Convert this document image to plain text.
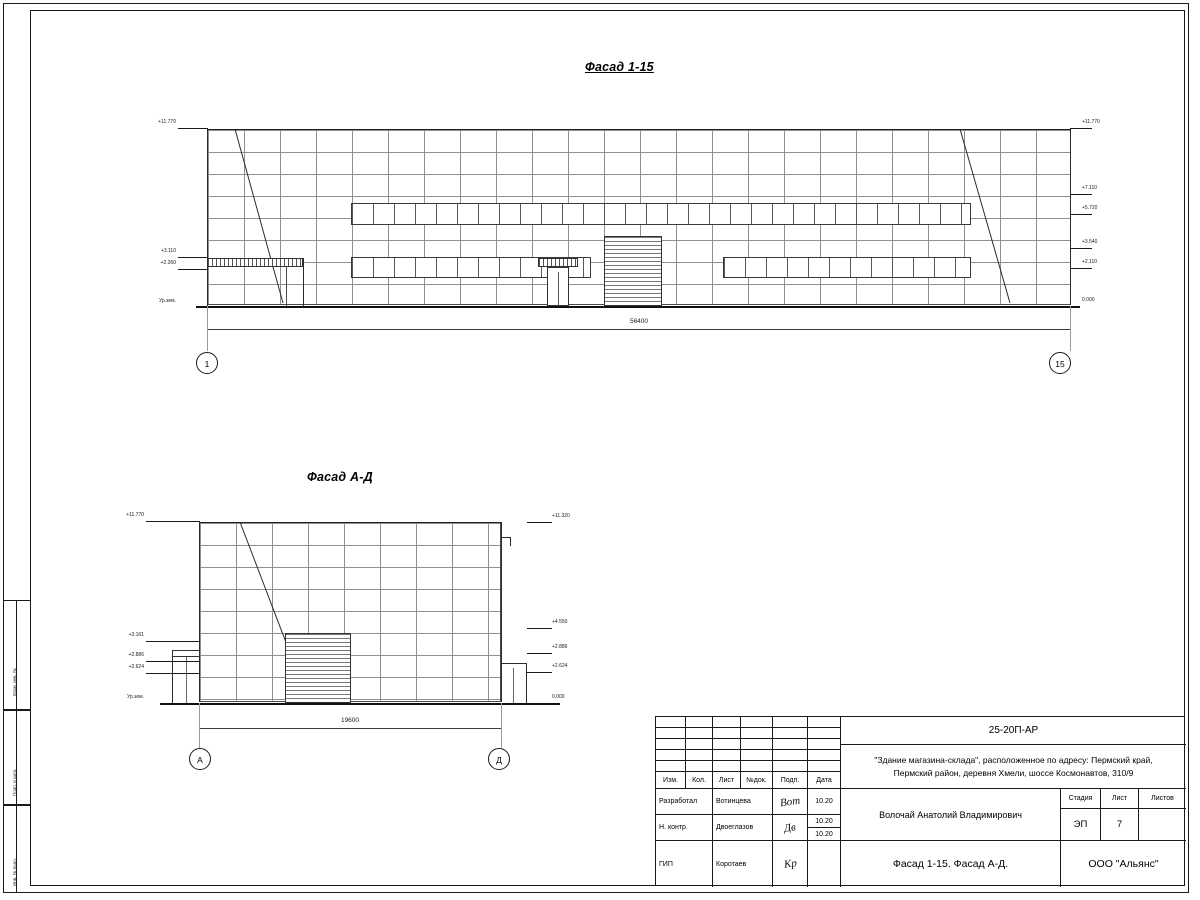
Взам. инв. №
Подп. и дата
Инв. № подл.
Фасад 1-15
+11.770
+3.110
+2.260
Ур.зем.
+11.770
+7.110
+5.720
+3.540
+2.110
0.000
56400
1	15
Фасад А-Д
+11.770
+3.161
+2.886
+2.624
Ур.зем.
+11.320
+4.550
+2.886
+2.624
0.000
19600
А	Д
Изм.	Кол.	Лист	№док.	Подп.	Дата
Разработал	Вотинцева	Вот	10.20
Н. контр.	Двоеглазов	Дв	10.20
10.20
ГИП	Коротаев	Кр
25-20П-АР
"Здание магазина-склада", расположенное по адресу: Пермский край,
Пермский район, деревня Хмели, шоссе Космонавтов, 310/9
Волочай Анатолий Владимирович
Стадия	Лист	Листов
ЭП	7
Фасад 1-15. Фасад А-Д.	ООО "Альянс"
